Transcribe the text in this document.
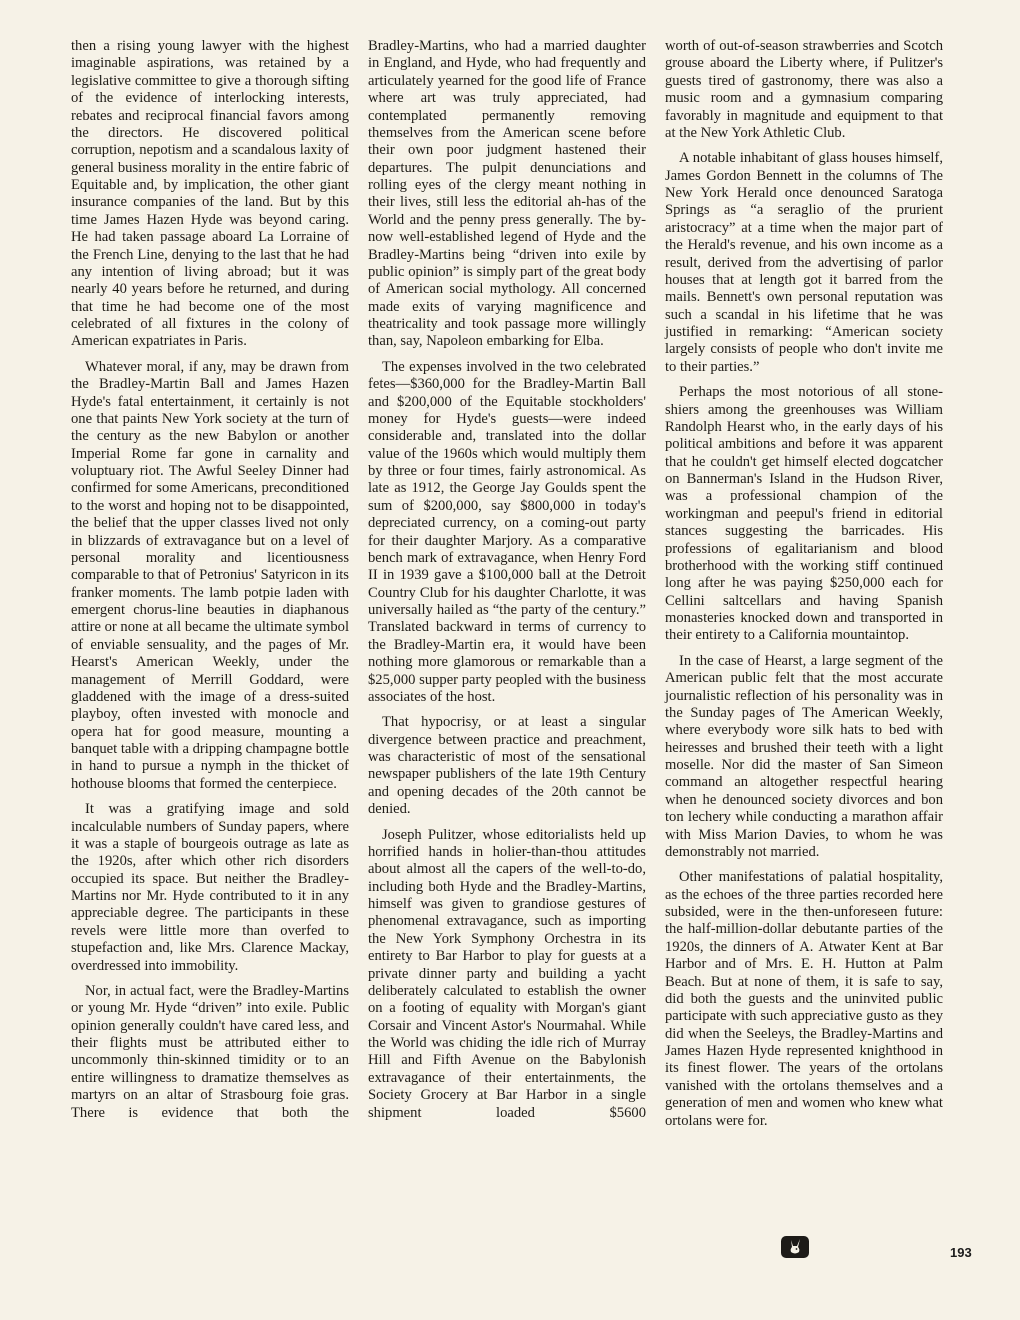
then a rising young lawyer with the highest imaginable aspirations, was retained by a legislative committee to give a thorough sifting of the evidence of interlocking interests, rebates and reciprocal financial favors among the directors. He discovered political corruption, nepotism and a scandalous laxity of general business morality in the entire fabric of Equitable and, by implication, the other giant insurance companies of the land. But by this time James Hazen Hyde was beyond caring. He had taken passage aboard La Lorraine of the French Line, denying to the last that he had any intention of living abroad; but it was nearly 40 years before he returned, and during that time he had become one of the most celebrated of all fixtures in the colony of American expatriates in Paris.

Whatever moral, if any, may be drawn from the Bradley-Martin Ball and James Hazen Hyde's fatal entertainment, it certainly is not one that paints New York society at the turn of the century as the new Babylon or another Imperial Rome far gone in carnality and voluptuary riot. The Awful Seeley Dinner had confirmed for some Americans, preconditioned to the worst and hoping not to be disappointed, the belief that the upper classes lived not only in blizzards of extravagance but on a level of personal morality and licentiousness comparable to that of Petronius' Satyricon in its franker moments. The lamb potpie laden with emergent chorus-line beauties in diaphanous attire or none at all became the ultimate symbol of enviable sensuality, and the pages of Mr. Hearst's American Weekly, under the management of Merrill Goddard, were gladdened with the image of a dress-suited playboy, often invested with monocle and opera hat for good measure, mounting a banquet table with a dripping champagne bottle in hand to pursue a nymph in the thicket of hothouse blooms that formed the centerpiece.

It was a gratifying image and sold incalculable numbers of Sunday papers, where it was a staple of bourgeois outrage as late as the 1920s, after which other rich disorders occupied its space. But neither the Bradley-Martins nor Mr. Hyde contributed to it in any appreciable degree. The participants in these revels were little more than overfed to stupefaction and, like Mrs. Clarence Mackay, overdressed into immobility.

Nor, in actual fact, were the Bradley-Martins or young Mr. Hyde “driven” into exile. Public opinion generally couldn't have cared less, and their flights must be attributed either to uncommonly thin-skinned timidity or to an entire willingness to dramatize themselves as martyrs on an altar of Strasbourg foie gras. There is evidence that both the

Bradley-Martins, who had a married daughter in England, and Hyde, who had frequently and articulately yearned for the good life of France where art was truly appreciated, had contemplated permanently removing themselves from the American scene before their own poor judgment hastened their departures. The pulpit denunciations and rolling eyes of the clergy meant nothing in their lives, still less the editorial ah-has of the World and the penny press generally. The by-now well-established legend of Hyde and the Bradley-Martins being “driven into exile by public opinion” is simply part of the great body of American social mythology. All concerned made exits of varying magnificence and theatricality and took passage more willingly than, say, Napoleon embarking for Elba.

The expenses involved in the two celebrated fetes—$360,000 for the Bradley-Martin Ball and $200,000 of the Equitable stockholders' money for Hyde's guests—were indeed considerable and, translated into the dollar value of the 1960s which would multiply them by three or four times, fairly astronomical. As late as 1912, the George Jay Goulds spent the sum of $200,000, say $800,000 in today's depreciated currency, on a coming-out party for their daughter Marjory. As a comparative bench mark of extravagance, when Henry Ford II in 1939 gave a $100,000 ball at the Detroit Country Club for his daughter Charlotte, it was universally hailed as “the party of the century.” Translated backward in terms of currency to the Bradley-Martin era, it would have been nothing more glamorous or remarkable than a $25,000 supper party peopled with the business associates of the host.

That hypocrisy, or at least a singular divergence between practice and preachment, was characteristic of most of the sensational newspaper publishers of the late 19th Century and opening decades of the 20th cannot be denied.

Joseph Pulitzer, whose editorialists held up horrified hands in holier-than-thou attitudes about almost all the capers of the well-to-do, including both Hyde and the Bradley-Martins, himself was given to grandiose gestures of phenomenal extravagance, such as importing the New York Symphony Orchestra in its entirety to Bar Harbor to play for guests at a private dinner party and building a yacht deliberately calculated to establish the owner on a footing of equality with Morgan's giant Corsair and Vincent Astor's Nourmahal. While the World was chiding the idle rich of Murray Hill and Fifth Avenue on the Babylonish extravagance of their entertainments, the Society Grocery at Bar Harbor in a single shipment loaded $5600

worth of out-of-season strawberries and Scotch grouse aboard the Liberty where, if Pulitzer's guests tired of gastronomy, there was also a music room and a gymnasium comparing favorably in magnitude and equipment to that at the New York Athletic Club.

A notable inhabitant of glass houses himself, James Gordon Bennett in the columns of The New York Herald once denounced Saratoga Springs as “a seraglio of the prurient aristocracy” at a time when the major part of the Herald's revenue, and his own income as a result, derived from the advertising of parlor houses that at length got it barred from the mails. Bennett's own personal reputation was such a scandal in his lifetime that he was justified in remarking: “American society largely consists of people who don't invite me to their parties.”

Perhaps the most notorious of all stone-shiers among the greenhouses was William Randolph Hearst who, in the early days of his political ambitions and before it was apparent that he couldn't get himself elected dogcatcher on Bannerman's Island in the Hudson River, was a professional champion of the workingman and peepul's friend in editorial stances suggesting the barricades. His professions of egalitarianism and blood brotherhood with the working stiff continued long after he was paying $250,000 each for Cellini saltcellars and having Spanish monasteries knocked down and transported in their entirety to a California mountaintop.

In the case of Hearst, a large segment of the American public felt that the most accurate journalistic reflection of his personality was in the Sunday pages of The American Weekly, where everybody wore silk hats to bed with heiresses and brushed their teeth with a light moselle. Nor did the master of San Simeon command an altogether respectful hearing when he denounced society divorces and bon ton lechery while conducting a marathon affair with Miss Marion Davies, to whom he was demonstrably not married.

Other manifestations of palatial hospitality, as the echoes of the three parties recorded here subsided, were in the then-unforeseen future: the half-million-dollar debutante parties of the 1920s, the dinners of A. Atwater Kent at Bar Harbor and of Mrs. E. H. Hutton at Palm Beach. But at none of them, it is safe to say, did both the guests and the uninvited public participate with such appreciative gusto as they did when the Seeleys, the Bradley-Martins and James Hazen Hyde represented knighthood in its finest flower. The years of the ortolans vanished with the ortolans themselves and a generation of men and women who knew what ortolans were for.

193
